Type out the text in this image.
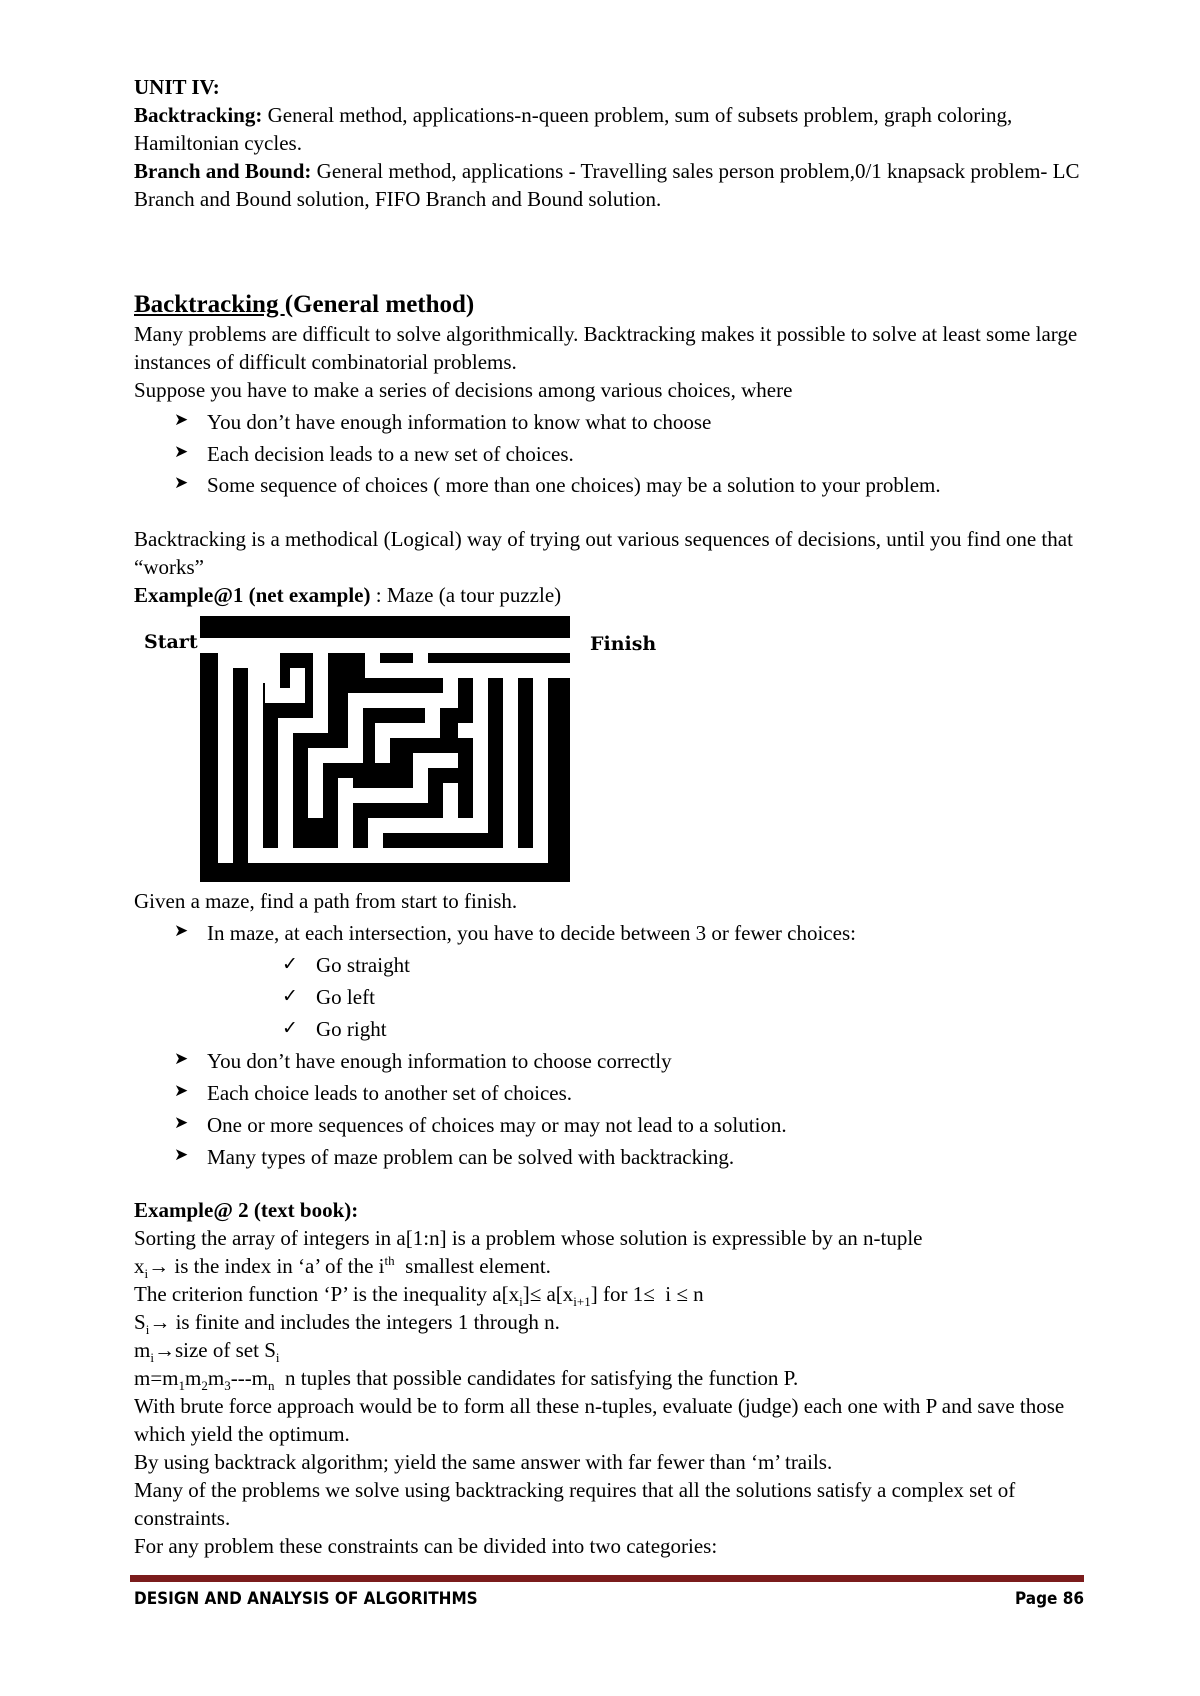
UNIT IV:

Backtracking: General method, applications-n-queen problem, sum of subsets problem, graph coloring, Hamiltonian cycles.

Branch and Bound: General method, applications - Travelling sales person problem,0/1 knapsack problem- LC Branch and Bound solution, FIFO Branch and Bound solution.

Backtracking (General method)

Many problems are difficult to solve algorithmically. Backtracking makes it possible to solve at least some large instances of difficult combinatorial problems.

Suppose you have to make a series of decisions among various choices, where

➤ You don’t have enough information to know what to choose
➤ Each decision leads to a new set of choices.
➤ Some sequence of choices ( more than one choices) may be a solution to your problem.

Backtracking is a methodical (Logical) way of trying out various sequences of decisions, until you find one that “works”

Example@1 (net example) : Maze (a tour puzzle)

Start	Finish

Given a maze, find a path from start to finish.

➤ In maze, at each intersection, you have to decide between 3 or fewer choices:
✓ Go straight
✓ Go left
✓ Go right
➤ You don’t have enough information to choose correctly
➤ Each choice leads to another set of choices.
➤ One or more sequences of choices may or may not lead to a solution.
➤ Many types of maze problem can be solved with backtracking.

Example@ 2 (text book):

Sorting the array of integers in a[1:n] is a problem whose solution is expressible by an n-tuple

$x_i\to$ is the index in ‘a’ of the $i^{th}$  smallest element.

The criterion function ‘P’ is the inequality $a[x_i]\le a[x_{i+1}]$ for 1≤  i ≤ n

$S_i\to$ is finite and includes the integers 1 through n.

$m_i\to size$ of set $S_i$

$m=m_1m_2m_3---m_n$  n tuples that possible candidates for satisfying the function P.

With brute force approach would be to form all these n-tuples, evaluate (judge) each one with P and save those which yield the optimum.

By using backtrack algorithm; yield the same answer with far fewer than ‘m’ trails.

Many of the problems we solve using backtracking requires that all the solutions satisfy a complex set of constraints.

For any problem these constraints can be divided into two categories:

DESIGN AND ANALYSIS OF ALGORITHMS	Page 86
